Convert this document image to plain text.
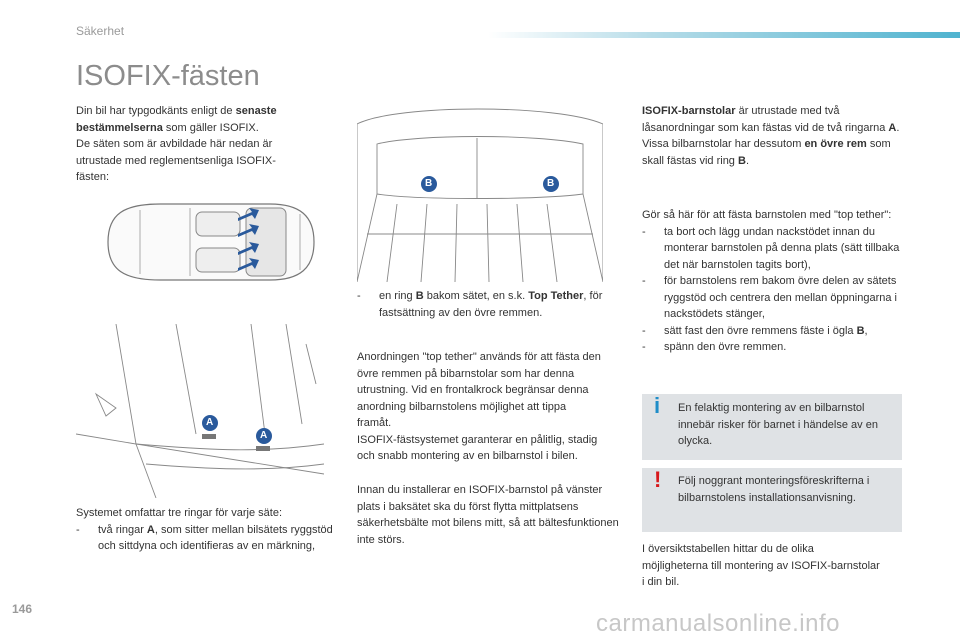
Säkerhet
ISOFIX-fästen

Din bil har typgodkänts enligt de senaste bestämmelserna som gäller ISOFIX.

De säten som är avbildade här nedan är utrustade med reglementsenliga ISOFIX-fästen:

A
A
B	B

Systemet omfattar tre ringar för varje säte:

- två ringar A, som sitter mellan bilsätets ryggstöd och sittdyna och identifieras av en märkning,
- en ring B bakom sätet, en s.k. Top Tether, för fastsättning av den övre remmen.

Anordningen "top tether" används för att fästa den övre remmen på bibarnstolar som har denna utrustning. Vid en frontalkrock begränsar denna anordning bilbarnstolens möjlighet att tippa framåt.

ISOFIX-fästsystemet garanterar en pålitlig, stadig och snabb montering av en bilbarnstol i bilen.

Innan du installerar en ISOFIX-barnstol på vänster plats i baksätet ska du först flytta mittplatsens säkerhetsbälte mot bilens mitt, så att bältesfunktionen inte störs.

ISOFIX-barnstolar är utrustade med två låsanordningar som kan fästas vid de två ringarna A.

Vissa bilbarnstolar har dessutom en övre rem som skall fästas vid ring B.

Gör så här för att fästa barnstolen med "top tether":

- ta bort och lägg undan nackstödet innan du monterar barnstolen på denna plats (sätt tillbaka det när barnstolen tagits bort),
- för barnstolens rem bakom övre delen av sätets ryggstöd och centrera den mellan öppningarna i nackstödets stänger,
- sätt fast den övre remmens fäste i ögla B,
- spänn den övre remmen.
i En felaktig montering av en bilbarnstol innebär risker för barnet i händelse av en olycka.
! Följ noggrant monteringsföreskrifterna i bilbarnstolens installationsanvisning.
I översiktstabellen hittar du de olika möjligheterna till montering av ISOFIX-barnstolar i din bil.
146
carmanualsonline.info
